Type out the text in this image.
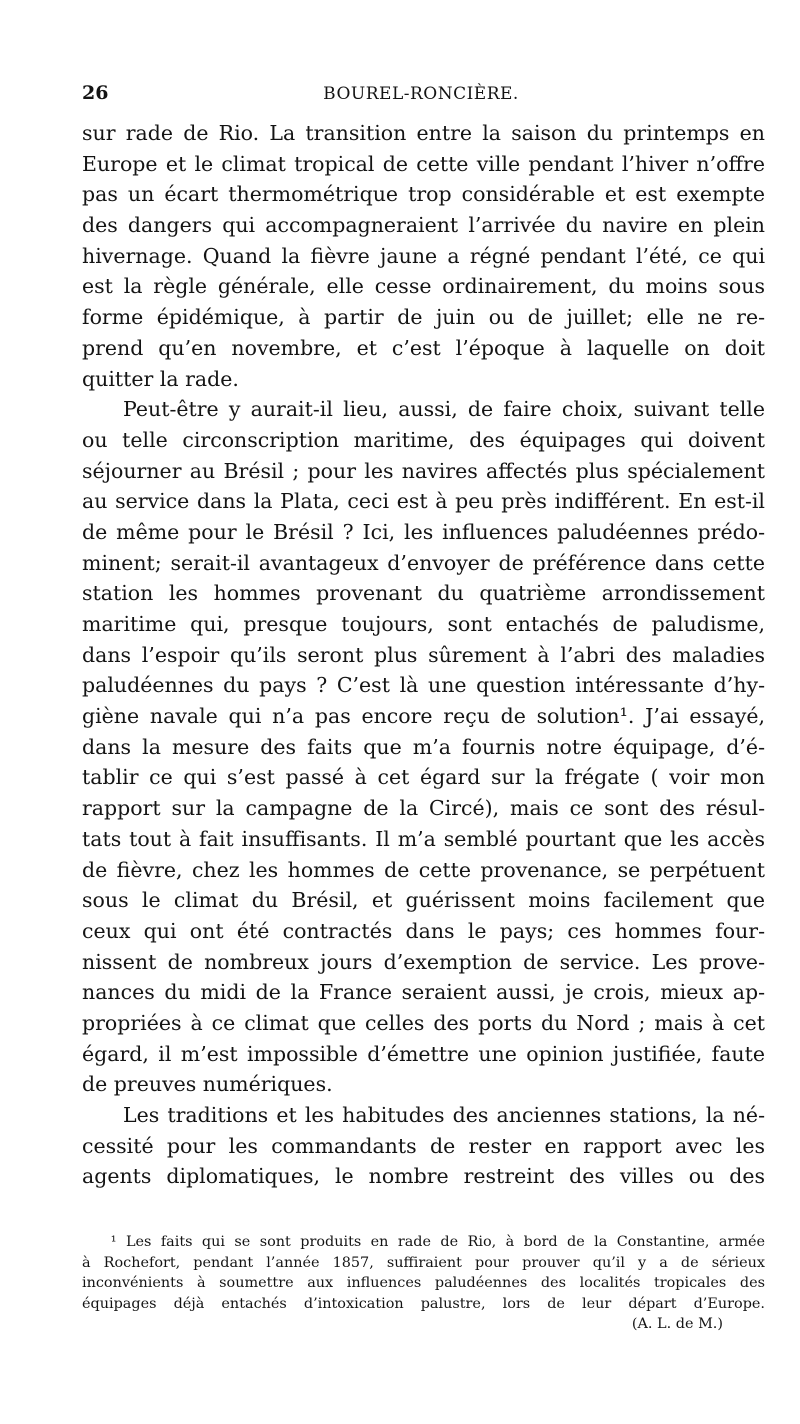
26	BOUREL-RONCIÈRE.
sur rade de Rio. La transition entre la saison du printemps en
Europe et le climat tropical de cette ville pendant l’hiver n’offre
pas un écart thermométrique trop considérable et est exempte
des dangers qui accompagneraient l’arrivée du navire en plein
hivernage. Quand la fièvre jaune a régné pendant l’été, ce qui
est la règle générale, elle cesse ordinairement, du moins sous
forme épidémique, à partir de juin ou de juillet; elle ne re-
prend qu’en novembre, et c’est l’époque à laquelle on doit
quitter la rade.
Peut-être y aurait-il lieu, aussi, de faire choix, suivant telle
ou telle circonscription maritime, des équipages qui doivent
séjourner au Brésil ; pour les navires affectés plus spécialement
au service dans la Plata, ceci est à peu près indifférent. En est-il
de même pour le Brésil ? Ici, les influences paludéennes prédo-
minent; serait-il avantageux d’envoyer de préférence dans cette
station les hommes provenant du quatrième arrondissement
maritime qui, presque toujours, sont entachés de paludisme,
dans l’espoir qu’ils seront plus sûrement à l’abri des maladies
paludéennes du pays ? C’est là une question intéressante d’hy-
giène navale qui n’a pas encore reçu de solution¹. J’ai essayé,
dans la mesure des faits que m’a fournis notre équipage, d’é-
tablir ce qui s’est passé à cet égard sur la frégate ( voir mon
rapport sur la campagne de la Circé), mais ce sont des résul-
tats tout à fait insuffisants. Il m’a semblé pourtant que les accès
de fièvre, chez les hommes de cette provenance, se perpétuent
sous le climat du Brésil, et guérissent moins facilement que
ceux qui ont été contractés dans le pays; ces hommes four-
nissent de nombreux jours d’exemption de service. Les prove-
nances du midi de la France seraient aussi, je crois, mieux ap-
propriées à ce climat que celles des ports du Nord ; mais à cet
égard, il m’est impossible d’émettre une opinion justifiée, faute
de preuves numériques.
Les traditions et les habitudes des anciennes stations, la né-
cessité pour les commandants de rester en rapport avec les
agents diplomatiques, le nombre restreint des villes ou des
¹ Les faits qui se sont produits en rade de Rio, à bord de la Constantine, armée
à Rochefort, pendant l’année 1857, suffiraient pour prouver qu’il y a de sérieux
inconvénients à soumettre aux influences paludéennes des localités tropicales des
équipages déjà entachés d’intoxication palustre, lors de leur départ d’Europe.
(A. L. de M.)
